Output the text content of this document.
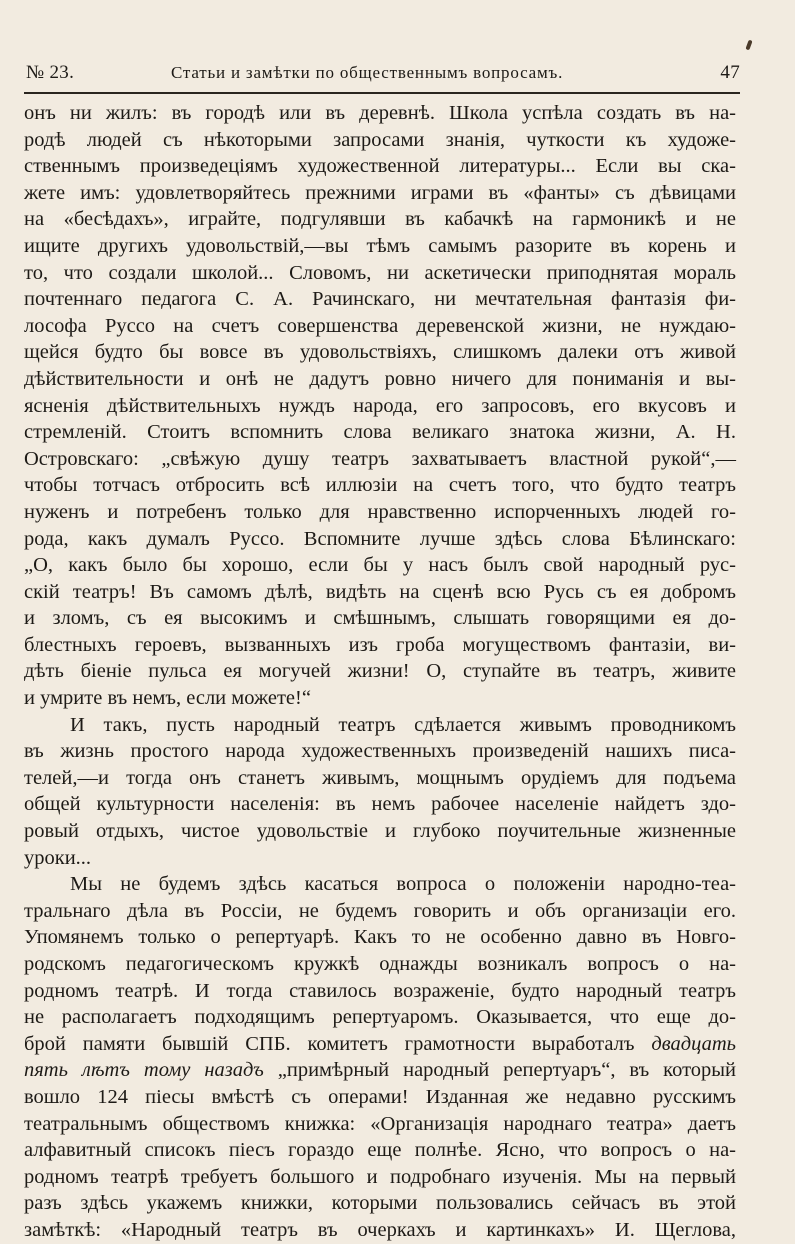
№ 23.	Статьи и замѣтки по общественнымъ вопросамъ.	47
онъ ни жилъ: въ городѣ или въ деревнѣ. Школа успѣла создать въ на-
родѣ людей съ нѣкоторыми запросами знанія, чуткости къ художе-
ственнымъ произведеціямъ художественной литературы... Если вы ска-
жете имъ: удовлетворяйтесь прежними играми въ «фанты» съ дѣвицами
на «бесѣдахъ», играйте, подгулявши въ кабачкѣ на гармоникѣ и не
ищите другихъ удовольствій,—вы тѣмъ самымъ разорите въ корень и
то, что создали школой... Словомъ, ни аскетически приподнятая мораль
почтеннаго педагога С. А. Рачинскаго, ни мечтательная фантазія фи-
лософа Руссо на счетъ совершенства деревенской жизни, не нуждаю-
щейся будто бы вовсе въ удовольствіяхъ, слишкомъ далеки отъ живой
дѣйствительности и онѣ не дадутъ ровно ничего для пониманія и вы-
ясненія дѣйствительныхъ нуждъ народа, его запросовъ, его вкусовъ и
стремленій. Стоитъ вспомнить слова великаго знатока жизни, А. Н.
Островскаго: „свѣжую душу театръ захватываетъ властной рукой“,—
чтобы тотчасъ отбросить всѣ иллюзіи на счетъ того, что будто театръ
нуженъ и потребенъ только для нравственно испорченныхъ людей го-
рода, какъ думалъ Руссо. Вспомните лучше здѣсь слова Бѣлинскаго:
„О, какъ было бы хорошо, если бы у насъ былъ свой народный рус-
скій театръ! Въ самомъ дѣлѣ, видѣть на сценѣ всю Русь съ ея добромъ
и зломъ, съ ея высокимъ и смѣшнымъ, слышать говорящими ея до-
блестныхъ героевъ, вызванныхъ изъ гроба могуществомъ фантазіи, ви-
дѣть біеніе пульса ея могучей жизни! О, ступайте въ театръ, живите
и умрите въ немъ, если можете!“
И такъ, пусть народный театръ сдѣлается живымъ проводникомъ
въ жизнь простого народа художественныхъ произведеній нашихъ писа-
телей,—и тогда онъ станетъ живымъ, мощнымъ орудіемъ для подъема
общей культурности населенія: въ немъ рабочее населеніе найдетъ здо-
ровый отдыхъ, чистое удовольствіе и глубоко поучительные жизненные
уроки...
Мы не будемъ здѣсь касаться вопроса о положеніи народно-теа-
тральнаго дѣла въ Россіи, не будемъ говорить и объ организаціи его.
Упомянемъ только о репертуарѣ. Какъ то не особенно давно въ Новго-
родскомъ педагогическомъ кружкѣ однажды возникалъ вопросъ о на-
родномъ театрѣ. И тогда ставилось возраженіе, будто народный театръ
не располагаетъ подходящимъ репертуаромъ. Оказывается, что еще до-
брой памяти бывшій СПБ. комитетъ грамотности выработалъ двадцать
пять лѣтъ тому назадъ „примѣрный народный репертуаръ“, въ который
вошло 124 піесы вмѣстѣ съ операми! Изданная же недавно русскимъ
театральнымъ обществомъ книжка: «Организація народнаго театра» даетъ
алфавитный списокъ піесъ гораздо еще полнѣе. Ясно, что вопросъ о на-
родномъ театрѣ требуетъ большого и подробнаго изученія. Мы на первый
разъ здѣсь укажемъ книжки, которыми пользовались сейчасъ въ этой
замѣткѣ: «Народный театръ въ очеркахъ и картинкахъ» И. Щеглова,
